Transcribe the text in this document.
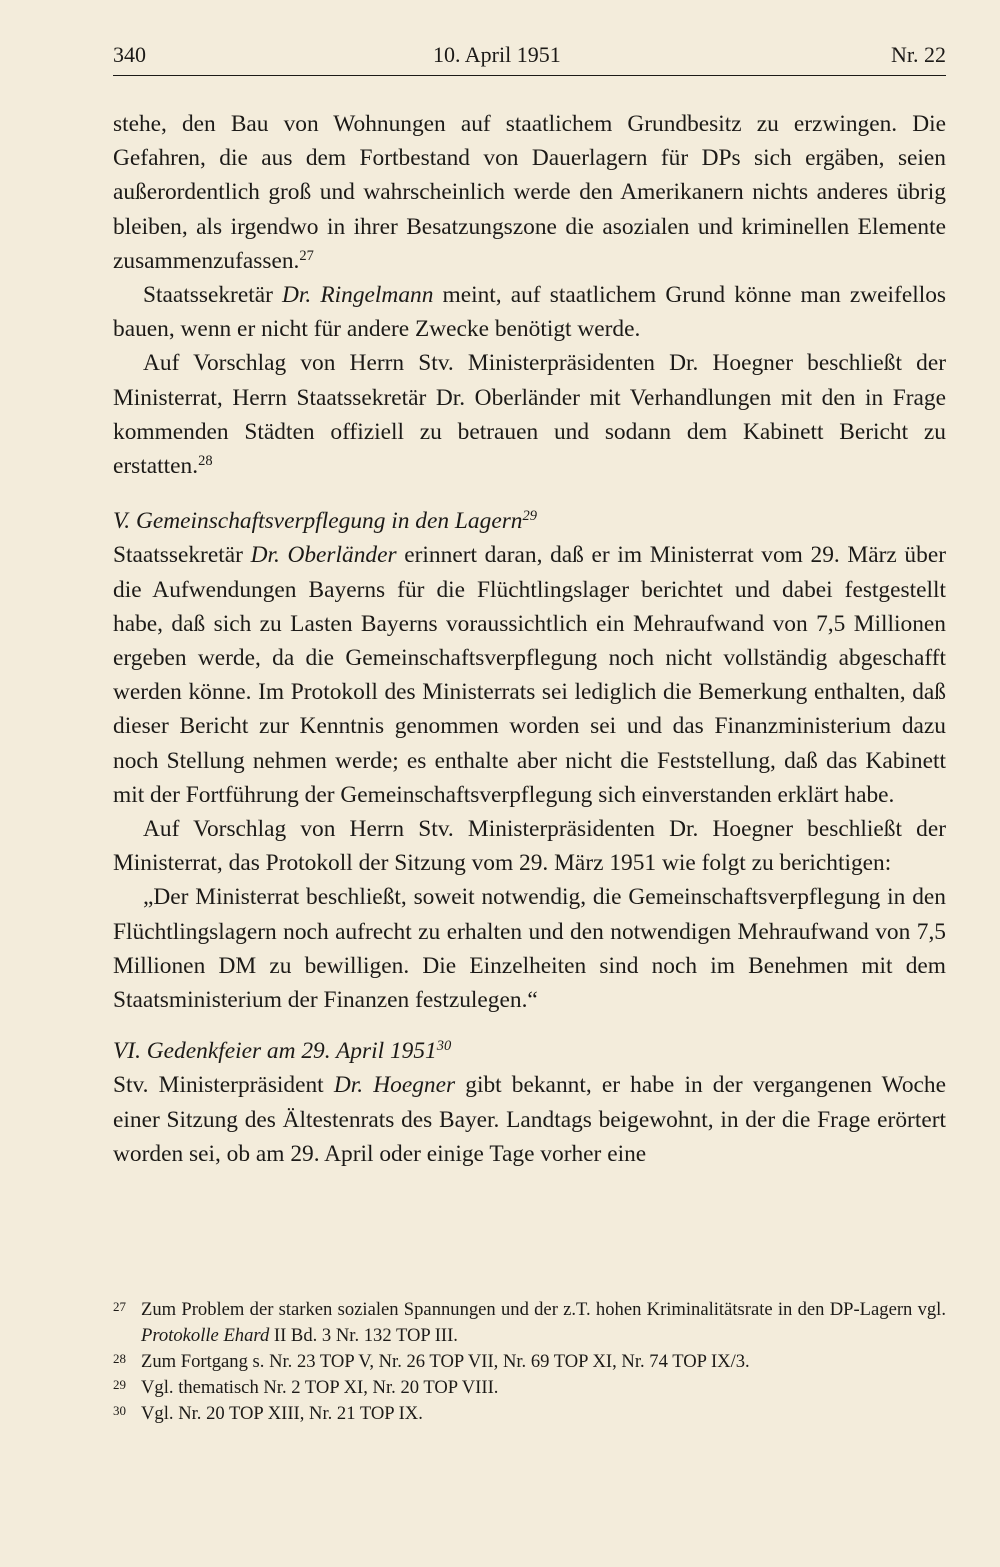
340	10. April 1951	Nr. 22

stehe, den Bau von Wohnungen auf staatlichem Grundbesitz zu erzwingen. Die Gefahren, die aus dem Fortbestand von Dauerlagern für DPs sich ergäben, seien außerordentlich groß und wahrscheinlich werde den Amerikanern nichts anderes übrig bleiben, als irgendwo in ihrer Besatzungszone die asozialen und kriminellen Elemente zusammenzufassen.$^{27}$

Staatssekretär Dr. Ringelmann meint, auf staatlichem Grund könne man zweifellos bauen, wenn er nicht für andere Zwecke benötigt werde.

Auf Vorschlag von Herrn Stv. Ministerpräsidenten Dr. Hoegner beschließt der Ministerrat, Herrn Staatssekretär Dr. Oberländer mit Verhandlungen mit den in Frage kommenden Städten offiziell zu betrauen und sodann dem Kabinett Bericht zu erstatten.$^{28}$

V. Gemeinschaftsverpflegung in den Lagern$^{29}$

Staatssekretär Dr. Oberländer erinnert daran, daß er im Ministerrat vom 29. März über die Aufwendungen Bayerns für die Flüchtlingslager berichtet und dabei festgestellt habe, daß sich zu Lasten Bayerns voraussichtlich ein Mehraufwand von 7,5 Millionen ergeben werde, da die Gemeinschaftsverpflegung noch nicht vollständig abgeschafft werden könne. Im Protokoll des Ministerrats sei lediglich die Bemerkung enthalten, daß dieser Bericht zur Kenntnis genommen worden sei und das Finanzministerium dazu noch Stellung nehmen werde; es enthalte aber nicht die Feststellung, daß das Kabinett mit der Fortführung der Gemeinschaftsverpflegung sich einverstanden erklärt habe.

Auf Vorschlag von Herrn Stv. Ministerpräsidenten Dr. Hoegner beschließt der Ministerrat, das Protokoll der Sitzung vom 29. März 1951 wie folgt zu berichtigen:

„Der Ministerrat beschließt, soweit notwendig, die Gemeinschaftsverpflegung in den Flüchtlingslagern noch aufrecht zu erhalten und den notwendigen Mehraufwand von 7,5 Millionen DM zu bewilligen. Die Einzelheiten sind noch im Benehmen mit dem Staatsministerium der Finanzen festzulegen.“

VI. Gedenkfeier am 29. April 1951$^{30}$

Stv. Ministerpräsident Dr. Hoegner gibt bekannt, er habe in der vergangenen Woche einer Sitzung des Ältestenrats des Bayer. Landtags beigewohnt, in der die Frage erörtert worden sei, ob am 29. April oder einige Tage vorher eine

27 Zum Problem der starken sozialen Spannungen und der z.T. hohen Kriminalitätsrate in den DP-Lagern vgl. Protokolle Ehard II Bd. 3 Nr. 132 TOP III.
28 Zum Fortgang s. Nr. 23 TOP V, Nr. 26 TOP VII, Nr. 69 TOP XI, Nr. 74 TOP IX/3.
29 Vgl. thematisch Nr. 2 TOP XI, Nr. 20 TOP VIII.
30 Vgl. Nr. 20 TOP XIII, Nr. 21 TOP IX.
